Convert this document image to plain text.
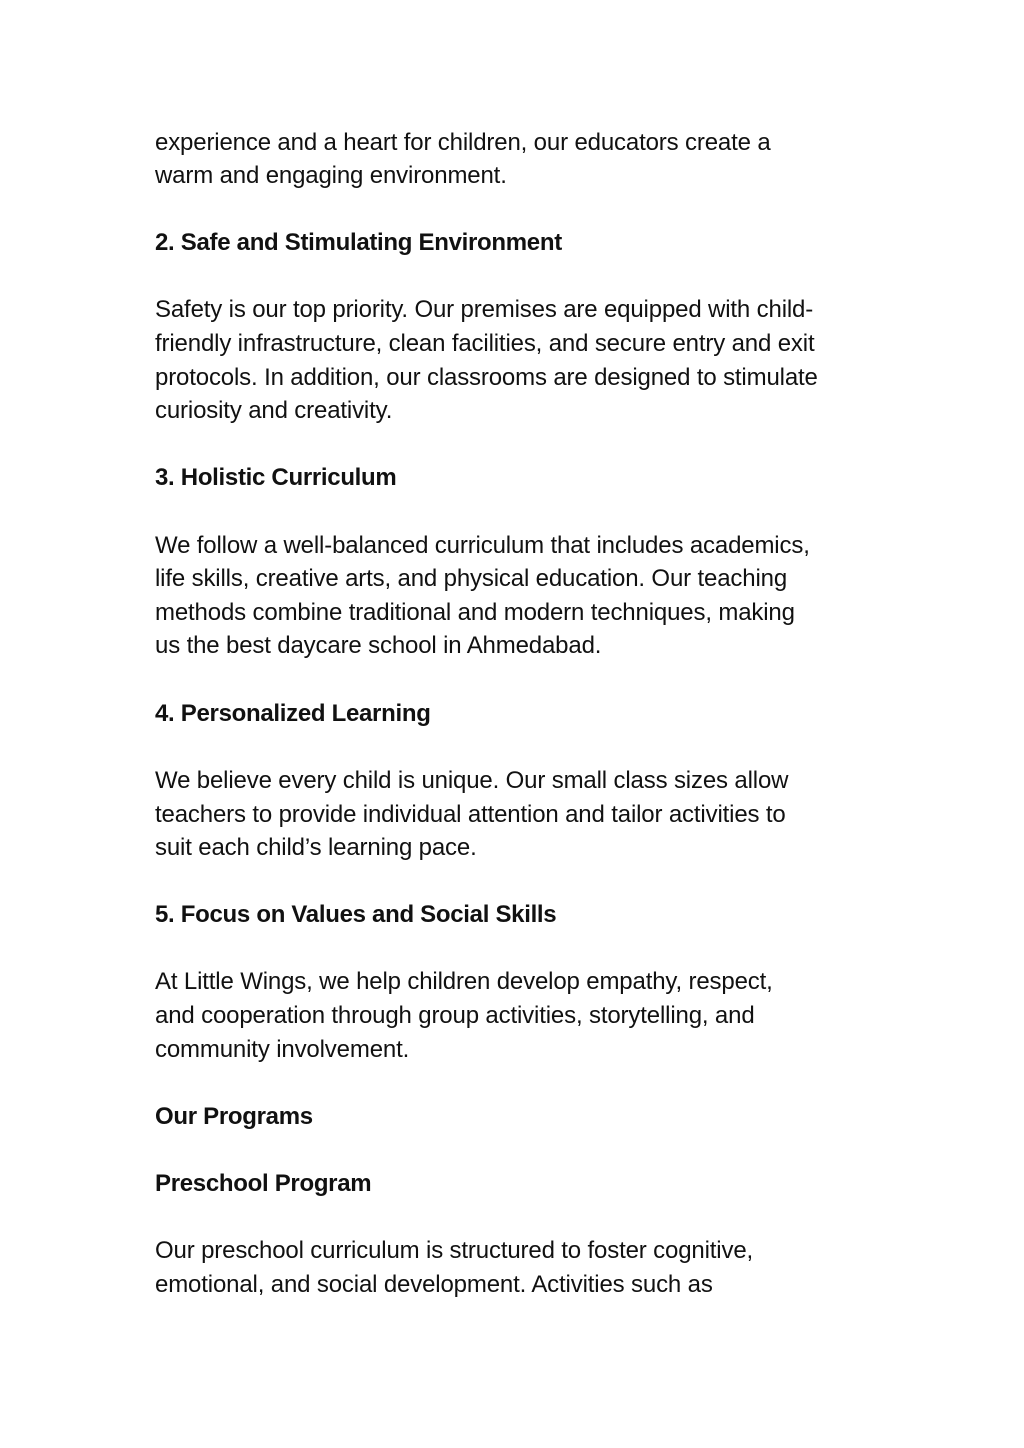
experience and a heart for children, our educators create a
warm and engaging environment.
2. Safe and Stimulating Environment
Safety is our top priority. Our premises are equipped with child-
friendly infrastructure, clean facilities, and secure entry and exit
protocols. In addition, our classrooms are designed to stimulate
curiosity and creativity.
3. Holistic Curriculum
We follow a well-balanced curriculum that includes academics,
life skills, creative arts, and physical education. Our teaching
methods combine traditional and modern techniques, making
us the best daycare school in Ahmedabad.
4. Personalized Learning
We believe every child is unique. Our small class sizes allow
teachers to provide individual attention and tailor activities to
suit each child’s learning pace.
5. Focus on Values and Social Skills
At Little Wings, we help children develop empathy, respect,
and cooperation through group activities, storytelling, and
community involvement.
Our Programs
Preschool Program
Our preschool curriculum is structured to foster cognitive,
emotional, and social development. Activities such as
